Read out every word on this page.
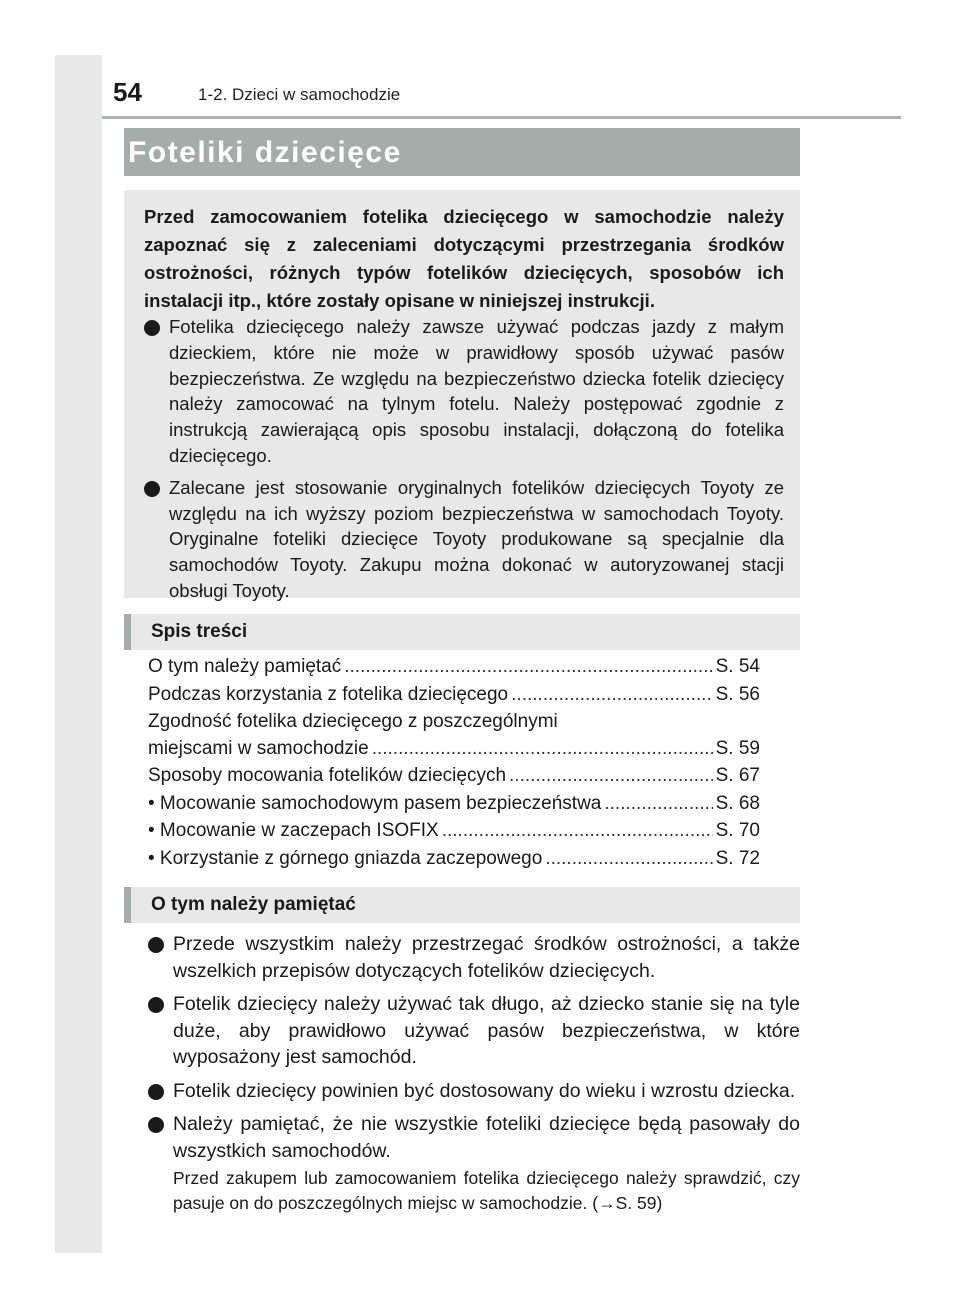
54	1-2. Dzieci w samochodzie
Foteliki dziecięce

Przed zamocowaniem fotelika dziecięcego w samochodzie należy zapoznać się z zaleceniami dotyczącymi przestrzegania środków ostrożności, różnych typów fotelików dziecięcych, sposobów ich instalacji itp., które zostały opisane w niniejszej instrukcji.

Fotelika dziecięcego należy zawsze używać podczas jazdy z małym dzieckiem, które nie może w prawidłowy sposób używać pasów bezpieczeństwa. Ze względu na bezpieczeństwo dziecka fotelik dziecięcy należy zamocować na tylnym fotelu. Należy postępować zgodnie z instrukcją zawierającą opis sposobu instalacji, dołączoną do fotelika dziecięcego.
Zalecane jest stosowanie oryginalnych fotelików dziecięcych Toyoty ze względu na ich wyższy poziom bezpieczeństwa w samochodach Toyoty. Oryginalne foteliki dziecięce Toyoty produkowane są specjalnie dla samochodów Toyoty. Zakupu można dokonać w autoryzowanej stacji obsługi Toyoty.
Spis treści
O tym należy pamiętać .....	S. 54
Podczas korzystania z fotelika dziecięcego .....	S. 56
Zgodność fotelika dziecięcego z poszczególnymi
miejscami w samochodzie .....	S. 59
Sposoby mocowania fotelików dziecięcych .....	S. 67
• Mocowanie samochodowym pasem bezpieczeństwa .....	S. 68
• Mocowanie w zaczepach ISOFIX .....	S. 70
• Korzystanie z górnego gniazda zaczepowego .....	S. 72
O tym należy pamiętać
Przede wszystkim należy przestrzegać środków ostrożności, a także wszelkich przepisów dotyczących fotelików dziecięcych.
Fotelik dziecięcy należy używać tak długo, aż dziecko stanie się na tyle duże, aby prawidłowo używać pasów bezpieczeństwa, w które wyposażony jest samochód.
Fotelik dziecięcy powinien być dostosowany do wieku i wzrostu dziecka.
Należy pamiętać, że nie wszystkie foteliki dziecięce będą pasowały do wszystkich samochodów.
Przed zakupem lub zamocowaniem fotelika dziecięcego należy sprawdzić, czy pasuje on do poszczególnych miejsc w samochodzie. (→S. 59)
